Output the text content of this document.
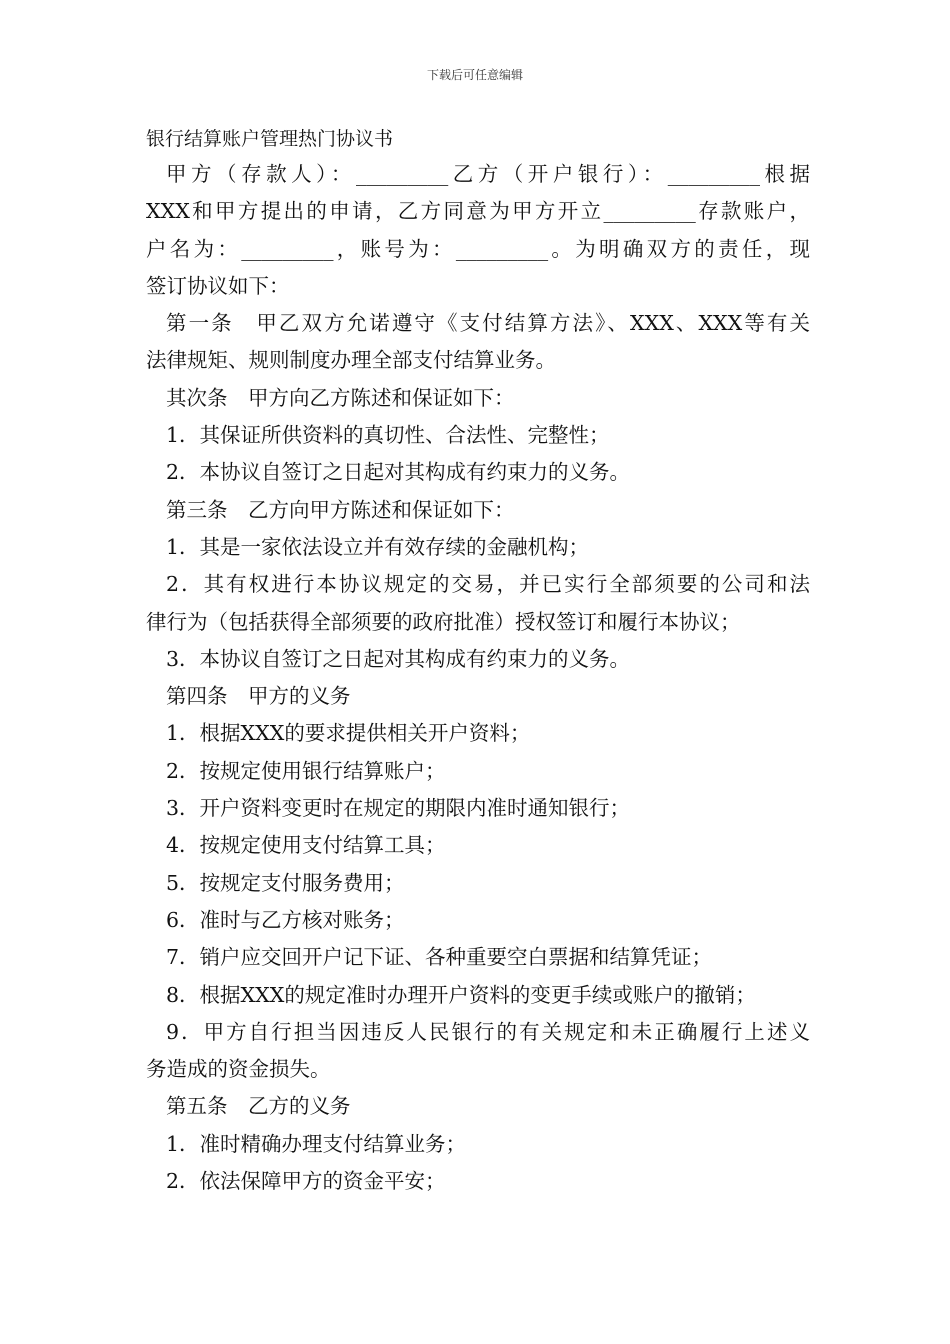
下载后可任意编辑
银行结算账户管理热门协议书
甲方（存款人）：_________乙方（开户银行）：_________根据
XXX和甲方提出的申请，乙方同意为甲方开立_________存款账户，
户名为：_________，账号为：_________。为明确双方的责任，现
签订协议如下：
第一条　甲乙双方允诺遵守《支付结算方法》、XXX、XXX等有关
法律规矩、规则制度办理全部支付结算业务。
其次条　甲方向乙方陈述和保证如下：
1．其保证所供资料的真切性、合法性、完整性；
2．本协议自签订之日起对其构成有约束力的义务。
第三条　乙方向甲方陈述和保证如下：
1．其是一家依法设立并有效存续的金融机构；
2．其有权进行本协议规定的交易，并已实行全部须要的公司和法
律行为（包括获得全部须要的政府批准）授权签订和履行本协议；
3．本协议自签订之日起对其构成有约束力的义务。
第四条　甲方的义务
1．根据XXX的要求提供相关开户资料；
2．按规定使用银行结算账户；
3．开户资料变更时在规定的期限内准时通知银行；
4．按规定使用支付结算工具；
5．按规定支付服务费用；
6．准时与乙方核对账务；
7．销户应交回开户记下证、各种重要空白票据和结算凭证；
8．根据XXX的规定准时办理开户资料的变更手续或账户的撤销；
9．甲方自行担当因违反人民银行的有关规定和未正确履行上述义
务造成的资金损失。
第五条　乙方的义务
1．准时精确办理支付结算业务；
2．依法保障甲方的资金平安；
